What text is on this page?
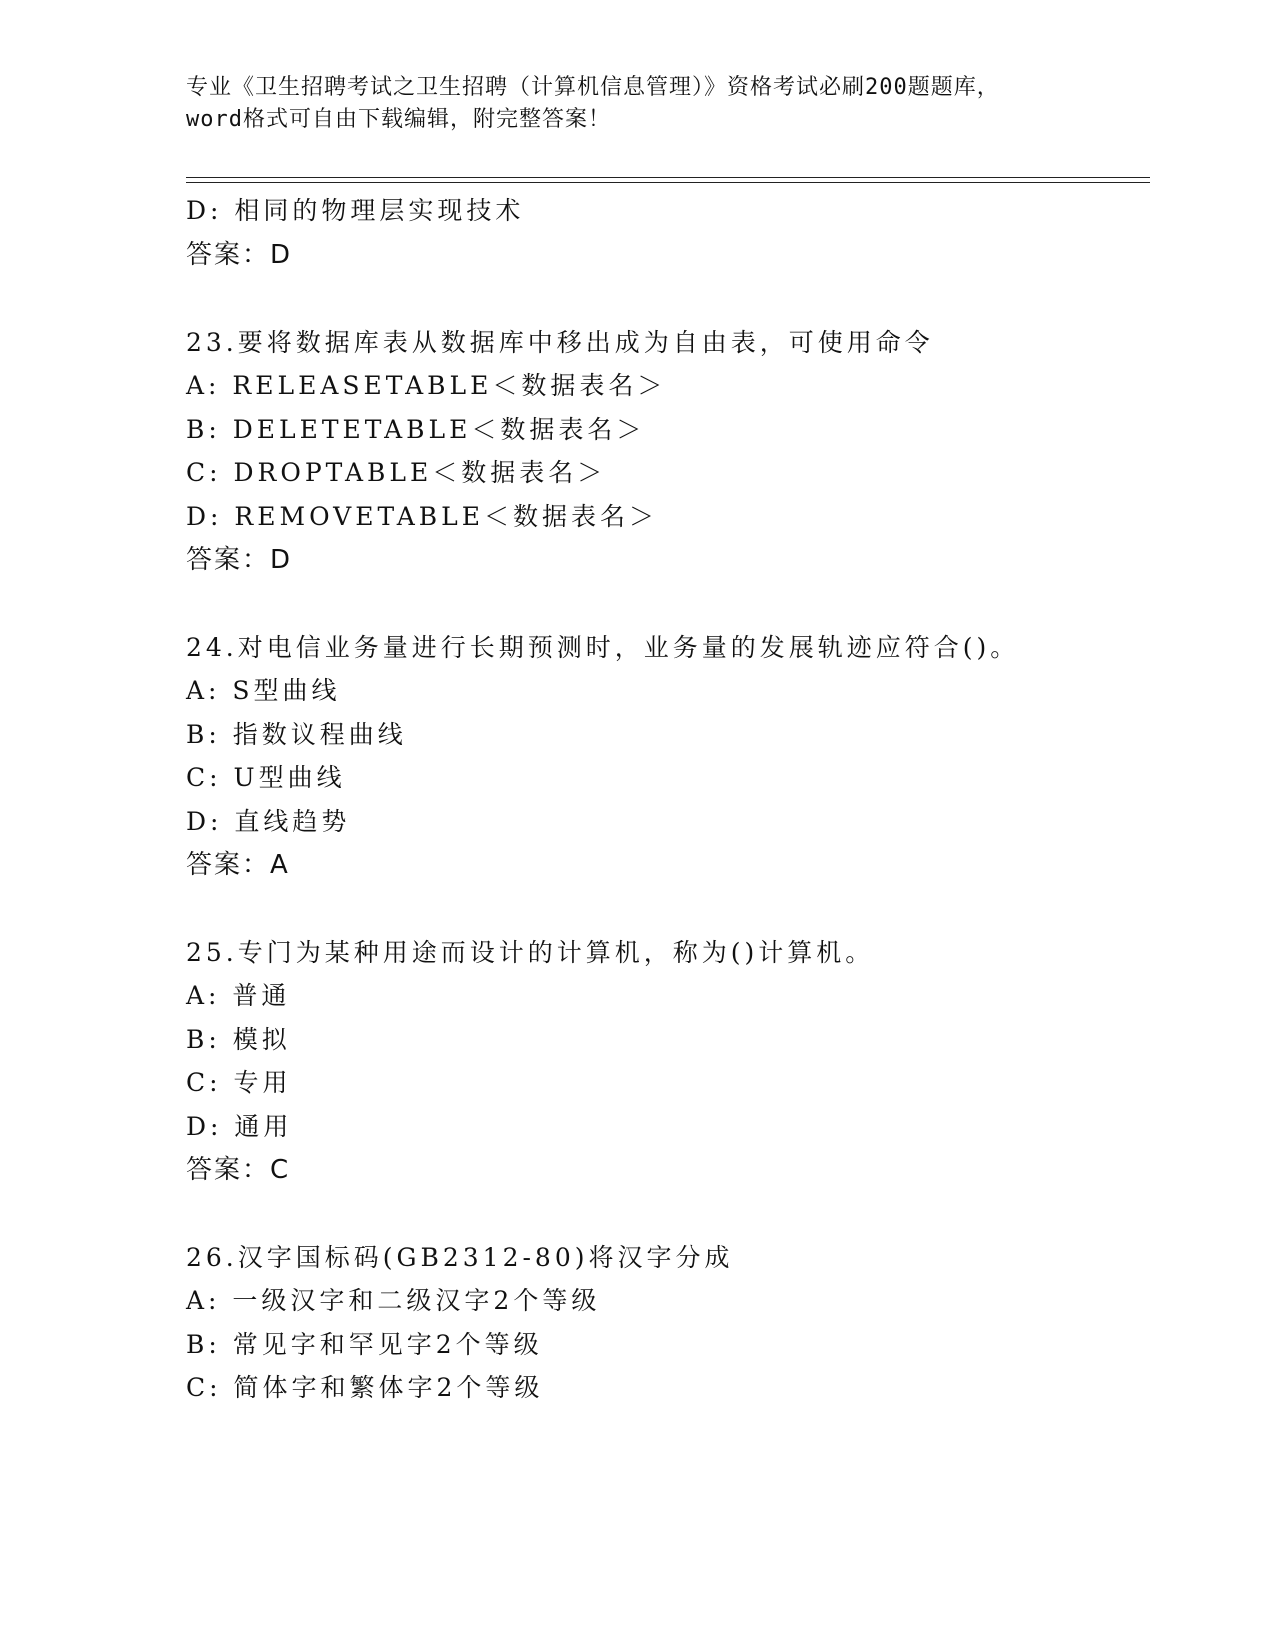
专业《卫生招聘考试之卫生招聘（计算机信息管理）》资格考试必刷200题题库，
word格式可自由下载编辑，附完整答案！
D: 相同的物理层实现技术
答案：D
23.要将数据库表从数据库中移出成为自由表，可使用命令
A: RELEASETABLE＜数据表名＞
B: DELETETABLE＜数据表名＞
C: DROPTABLE＜数据表名＞
D: REMOVETABLE＜数据表名＞
答案：D
24.对电信业务量进行长期预测时，业务量的发展轨迹应符合()。
A: S型曲线
B: 指数议程曲线
C: U型曲线
D: 直线趋势
答案：A
25.专门为某种用途而设计的计算机，称为()计算机。
A: 普通
B: 模拟
C: 专用
D: 通用
答案：C
26.汉字国标码(GB2312-80)将汉字分成
A: 一级汉字和二级汉字2个等级
B: 常见字和罕见字2个等级
C: 简体字和繁体字2个等级
